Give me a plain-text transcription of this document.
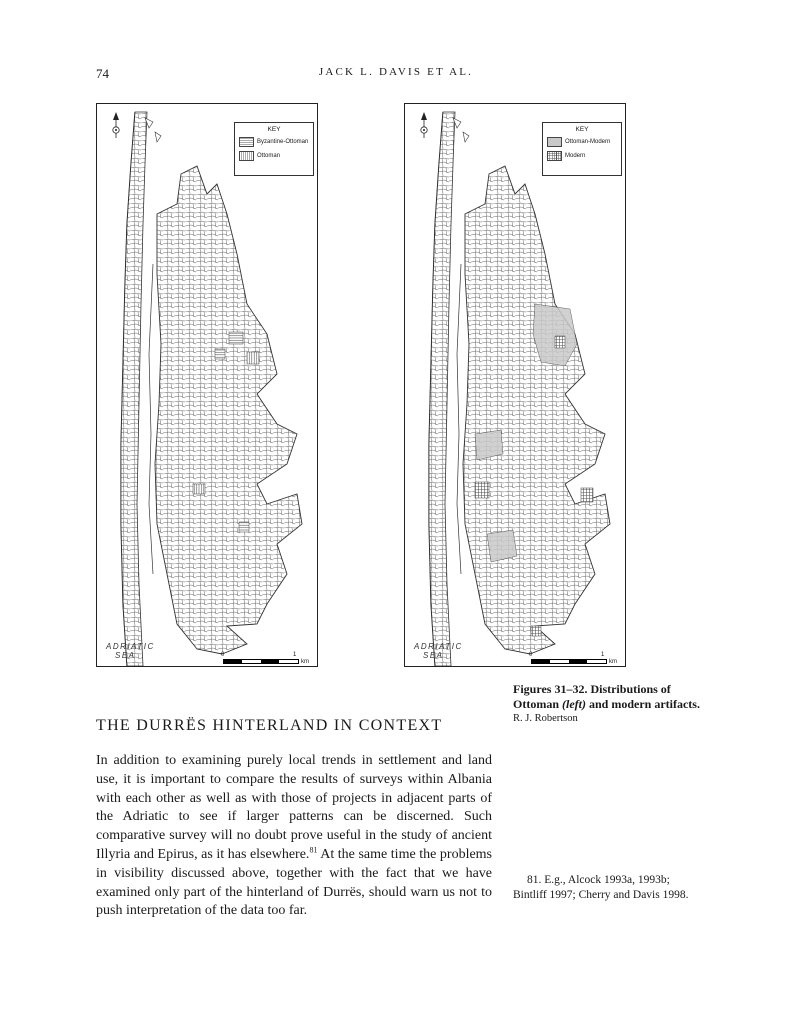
74	JACK L. DAVIS ET AL.
KEY
Byzantine-Ottoman
Ottoman
ADRIATIC
SEA	0	1
km
KEY
Ottoman-Modern
Modern
ADRIATIC
SEA	0	1
km
Figures 31–32. Distributions of Ottoman (left) and modern artifacts.
R. J. Robertson
THE DURRËS HINTERLAND IN CONTEXT
In addition to examining purely local trends in settlement and land use, it is important to compare the results of surveys within Albania with each other as well as with those of projects in adjacent parts of the Adriatic to see if larger patterns can be discerned. Such comparative survey will no doubt prove useful in the study of ancient Illyria and Epirus, as it has elsewhere.$^{81}$ At the same time the problems in visibility discussed above, together with the fact that we have examined only part of the hinterland of Durrës, should warn us not to push interpretation of the data too far.
81. E.g., Alcock 1993a, 1993b;
Bintliff 1997; Cherry and Davis 1998.
